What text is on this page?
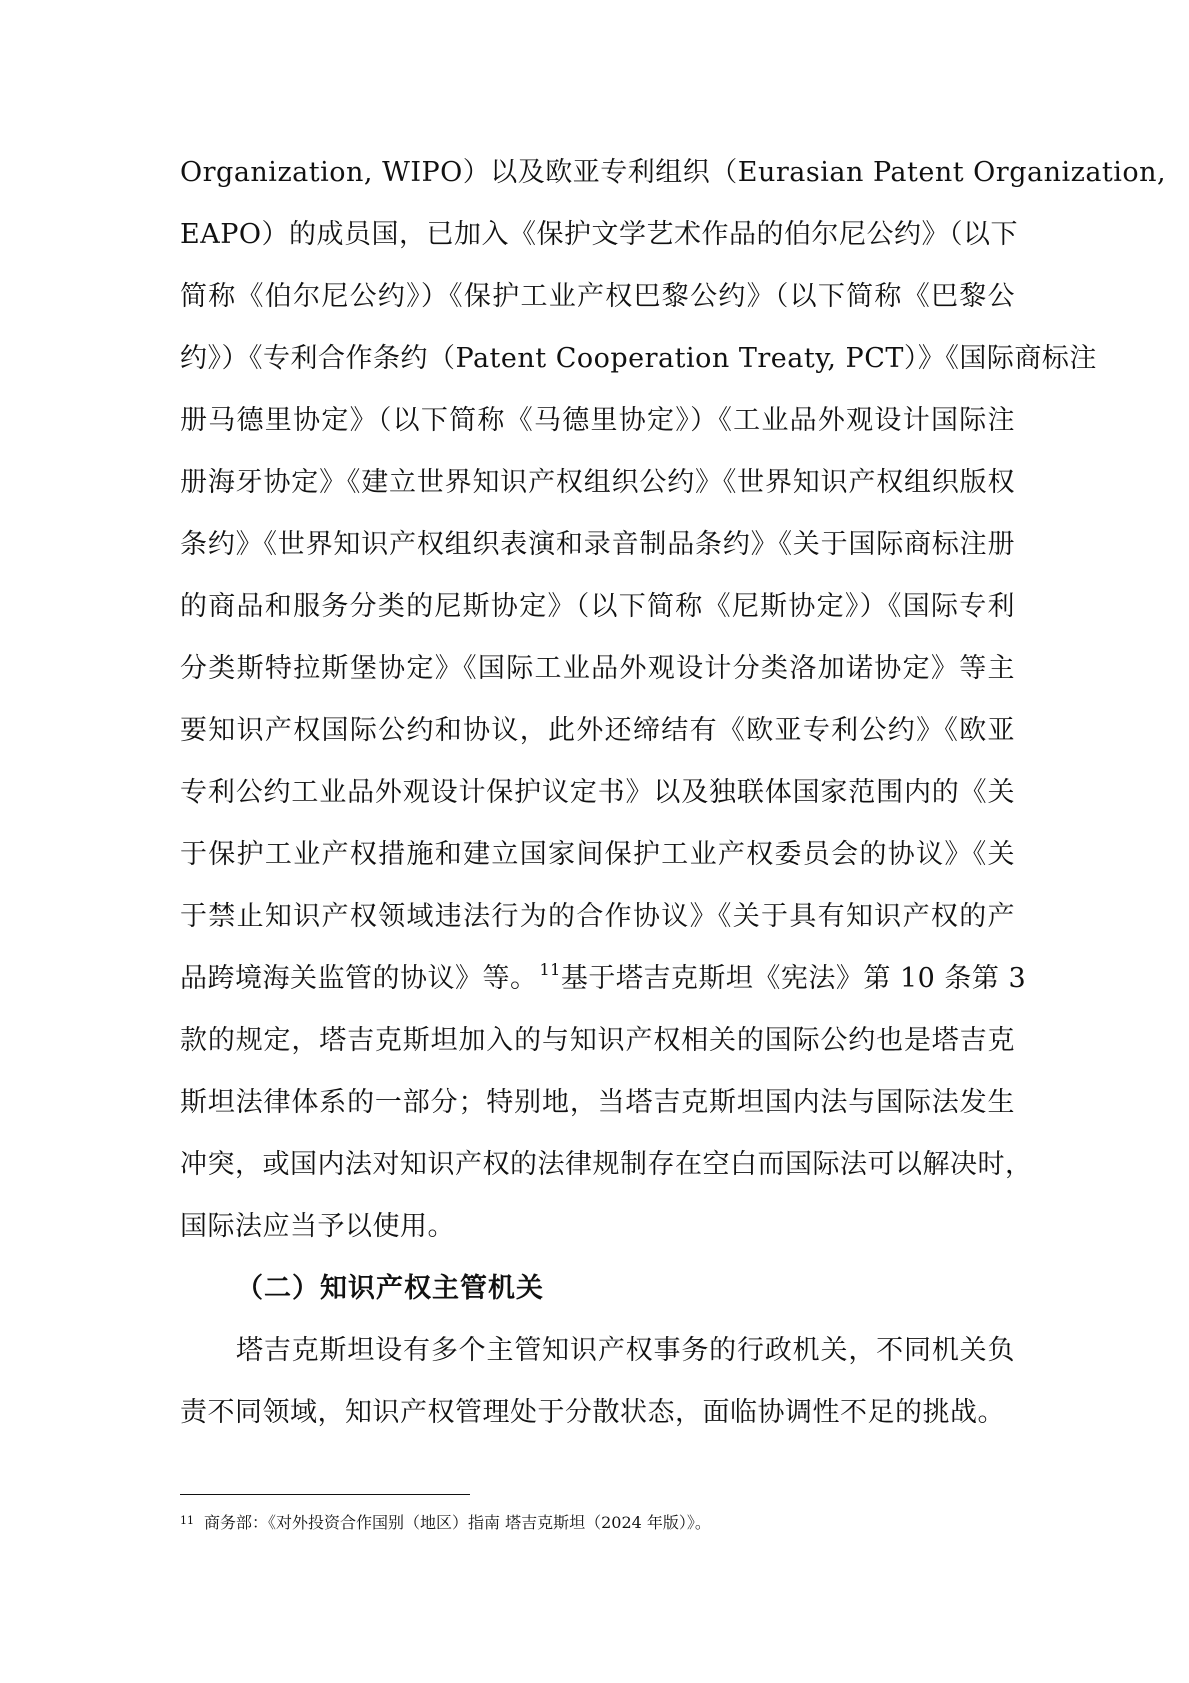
Organization, WIPO）以及欧亚专利组织（Eurasian Patent Organization,
EAPO）的成员国，已加入《保护文学艺术作品的伯尔尼公约》（以下
简称《伯尔尼公约》）《保护工业产权巴黎公约》（以下简称《巴黎公
约》）《专利合作条约（Patent Cooperation Treaty, PCT）》《国际商标注
册马德里协定》（以下简称《马德里协定》）《工业品外观设计国际注
册海牙协定》《建立世界知识产权组织公约》《世界知识产权组织版权
条约》《世界知识产权组织表演和录音制品条约》《关于国际商标注册
的商品和服务分类的尼斯协定》（以下简称《尼斯协定》）《国际专利
分类斯特拉斯堡协定》《国际工业品外观设计分类洛加诺协定》等主
要知识产权国际公约和协议，此外还缔结有《欧亚专利公约》《欧亚
专利公约工业品外观设计保护议定书》以及独联体国家范围内的《关
于保护工业产权措施和建立国家间保护工业产权委员会的协议》《关
于禁止知识产权领域违法行为的合作协议》《关于具有知识产权的产
品跨境海关监管的协议》等。 $^{11}$基于塔吉克斯坦《宪法》第 10 条第 3
款的规定，塔吉克斯坦加入的与知识产权相关的国际公约也是塔吉克
斯坦法律体系的一部分；特别地，当塔吉克斯坦国内法与国际法发生
冲突，或国内法对知识产权的法律规制存在空白而国际法可以解决时，
国际法应当予以使用。
（二）知识产权主管机关
塔吉克斯坦设有多个主管知识产权事务的行政机关，不同机关负
责不同领域，知识产权管理处于分散状态，面临协调性不足的挑战。
$^{11}$ 商务部：《对外投资合作国别（地区）指南 塔吉克斯坦（2024 年版）》。
